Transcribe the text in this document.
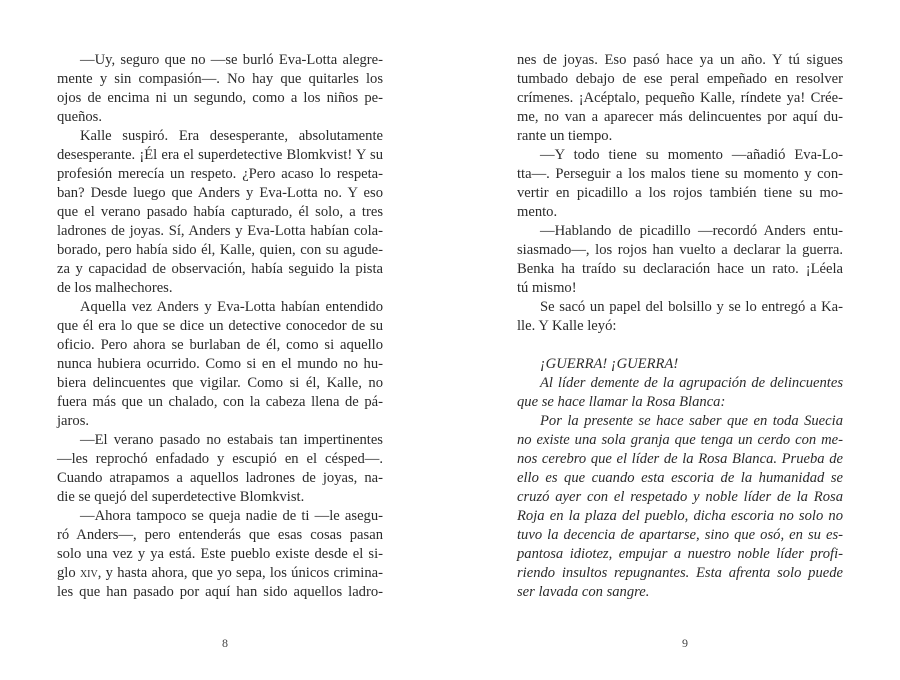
—Uy, seguro que no —se burló Eva-Lotta alegre-
mente y sin compasión—. No hay que quitarles los
ojos de encima ni un segundo, como a los niños pe-
queños.
Kalle suspiró. Era desesperante, absolutamente
desesperante. ¡Él era el superdetective Blomkvist! Y su
profesión merecía un respeto. ¿Pero acaso lo respeta-
ban? Desde luego que Anders y Eva-Lotta no. Y eso
que el verano pasado había capturado, él solo, a tres
ladrones de joyas. Sí, Anders y Eva-Lotta habían cola-
borado, pero había sido él, Kalle, quien, con su agude-
za y capacidad de observación, había seguido la pista
de los malhechores.
Aquella vez Anders y Eva-Lotta habían entendido
que él era lo que se dice un detective conocedor de su
oficio. Pero ahora se burlaban de él, como si aquello
nunca hubiera ocurrido. Como si en el mundo no hu-
biera delincuentes que vigilar. Como si él, Kalle, no
fuera más que un chalado, con la cabeza llena de pá-
jaros.
—El verano pasado no estabais tan impertinentes
—les reprochó enfadado y escupió en el césped—.
Cuando atrapamos a aquellos ladrones de joyas, na-
die se quejó del superdetective Blomkvist.
—Ahora tampoco se queja nadie de ti —le asegu-
ró Anders—, pero entenderás que esas cosas pasan
solo una vez y ya está. Este pueblo existe desde el si-
glo xiv, y hasta ahora, que yo sepa, los únicos crimina-
les que han pasado por aquí han sido aquellos ladro-
8
nes de joyas. Eso pasó hace ya un año. Y tú sigues
tumbado debajo de ese peral empeñado en resolver
crímenes. ¡Acéptalo, pequeño Kalle, ríndete ya! Crée-
me, no van a aparecer más delincuentes por aquí du-
rante un tiempo.
—Y todo tiene su momento —añadió Eva-Lo-
tta—. Perseguir a los malos tiene su momento y con-
vertir en picadillo a los rojos también tiene su mo-
mento.
—Hablando de picadillo —recordó Anders entu-
siasmado—, los rojos han vuelto a declarar la guerra.
Benka ha traído su declaración hace un rato. ¡Léela
tú mismo!
Se sacó un papel del bolsillo y se lo entregó a Ka-
lle. Y Kalle leyó:
¡GUERRA! ¡GUERRA!
Al líder demente de la agrupación de delincuentes
que se hace llamar la Rosa Blanca:
Por la presente se hace saber que en toda Suecia
no existe una sola granja que tenga un cerdo con me-
nos cerebro que el líder de la Rosa Blanca. Prueba de
ello es que cuando esta escoria de la humanidad se
cruzó ayer con el respetado y noble líder de la Rosa
Roja en la plaza del pueblo, dicha escoria no solo no
tuvo la decencia de apartarse, sino que osó, en su es-
pantosa idiotez, empujar a nuestro noble líder profi-
riendo insultos repugnantes. Esta afrenta solo puede
ser lavada con sangre.
9
